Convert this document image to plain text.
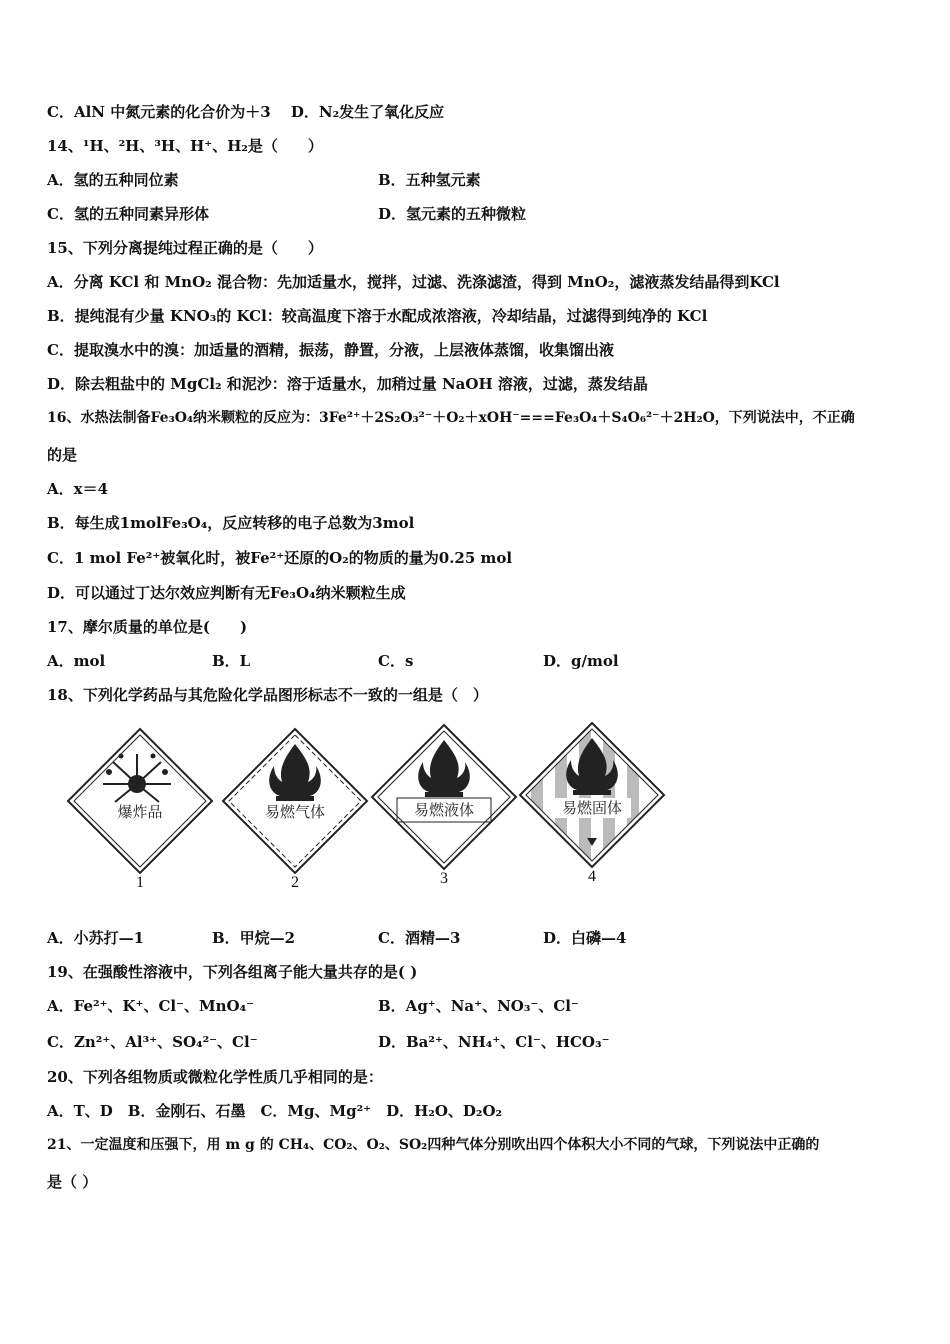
C．AlN 中氮元素的化合价为＋3　 D．N₂发生了氧化反应
14、¹H、²H、³H、H⁺、H₂是（　　）
A．氢的五种同位素	B．五种氢元素
C．氢的五种同素异形体	D．氢元素的五种微粒
15、下列分离提纯过程正确的是（　　）
A．分离 KCl 和 MnO₂ 混合物：先加适量水，搅拌，过滤、洗涤滤渣，得到 MnO₂，滤液蒸发结晶得到KCl
B．提纯混有少量 KNO₃的 KCl：较高温度下溶于水配成浓溶液，冷却结晶，过滤得到纯净的 KCl
C．提取溴水中的溴：加适量的酒精，振荡，静置，分液，上层液体蒸馏，收集馏出液
D．除去粗盐中的 MgCl₂ 和泥沙：溶于适量水，加稍过量 NaOH 溶液，过滤，蒸发结晶
16、水热法制备Fe₃O₄纳米颗粒的反应为：3Fe²⁺＋2S₂O₃²⁻＋O₂＋xOH⁻===Fe₃O₄＋S₄O₆²⁻＋2H₂O，下列说法中，不正确
的是
A．x＝4
B．每生成1molFe₃O₄，反应转移的电子总数为3mol
C．1 mol Fe²⁺被氧化时，被Fe²⁺还原的O₂的物质的量为0.25 mol
D．可以通过丁达尔效应判断有无Fe₃O₄纳米颗粒生成
17、摩尔质量的单位是(　　)
A．mol	B．L	C．s	D．g/mol
18、下列化学药品与其危险化学品图形标志不一致的一组是（　）
爆炸品
1
易燃气体
2
易燃液体
3
易燃固体
4
A．小苏打—1	B．甲烷—2	C．酒精—3	D．白磷—4
19、在强酸性溶液中，下列各组离子能大量共存的是( )
A．Fe²⁺、K⁺、Cl⁻、MnO₄⁻	B．Ag⁺、Na⁺、NO₃⁻、Cl⁻
C．Zn²⁺、Al³⁺、SO₄²⁻、Cl⁻	D．Ba²⁺、NH₄⁺、Cl⁻、HCO₃⁻
20、下列各组物质或微粒化学性质几乎相同的是：
A．T、D　B．金刚石、石墨　C．Mg、Mg²⁺　D．H₂O、D₂O₂
21、一定温度和压强下，用 m g 的 CH₄、CO₂、O₂、SO₂四种气体分别吹出四个体积大小不同的气球，下列说法中正确的
是（ ）
